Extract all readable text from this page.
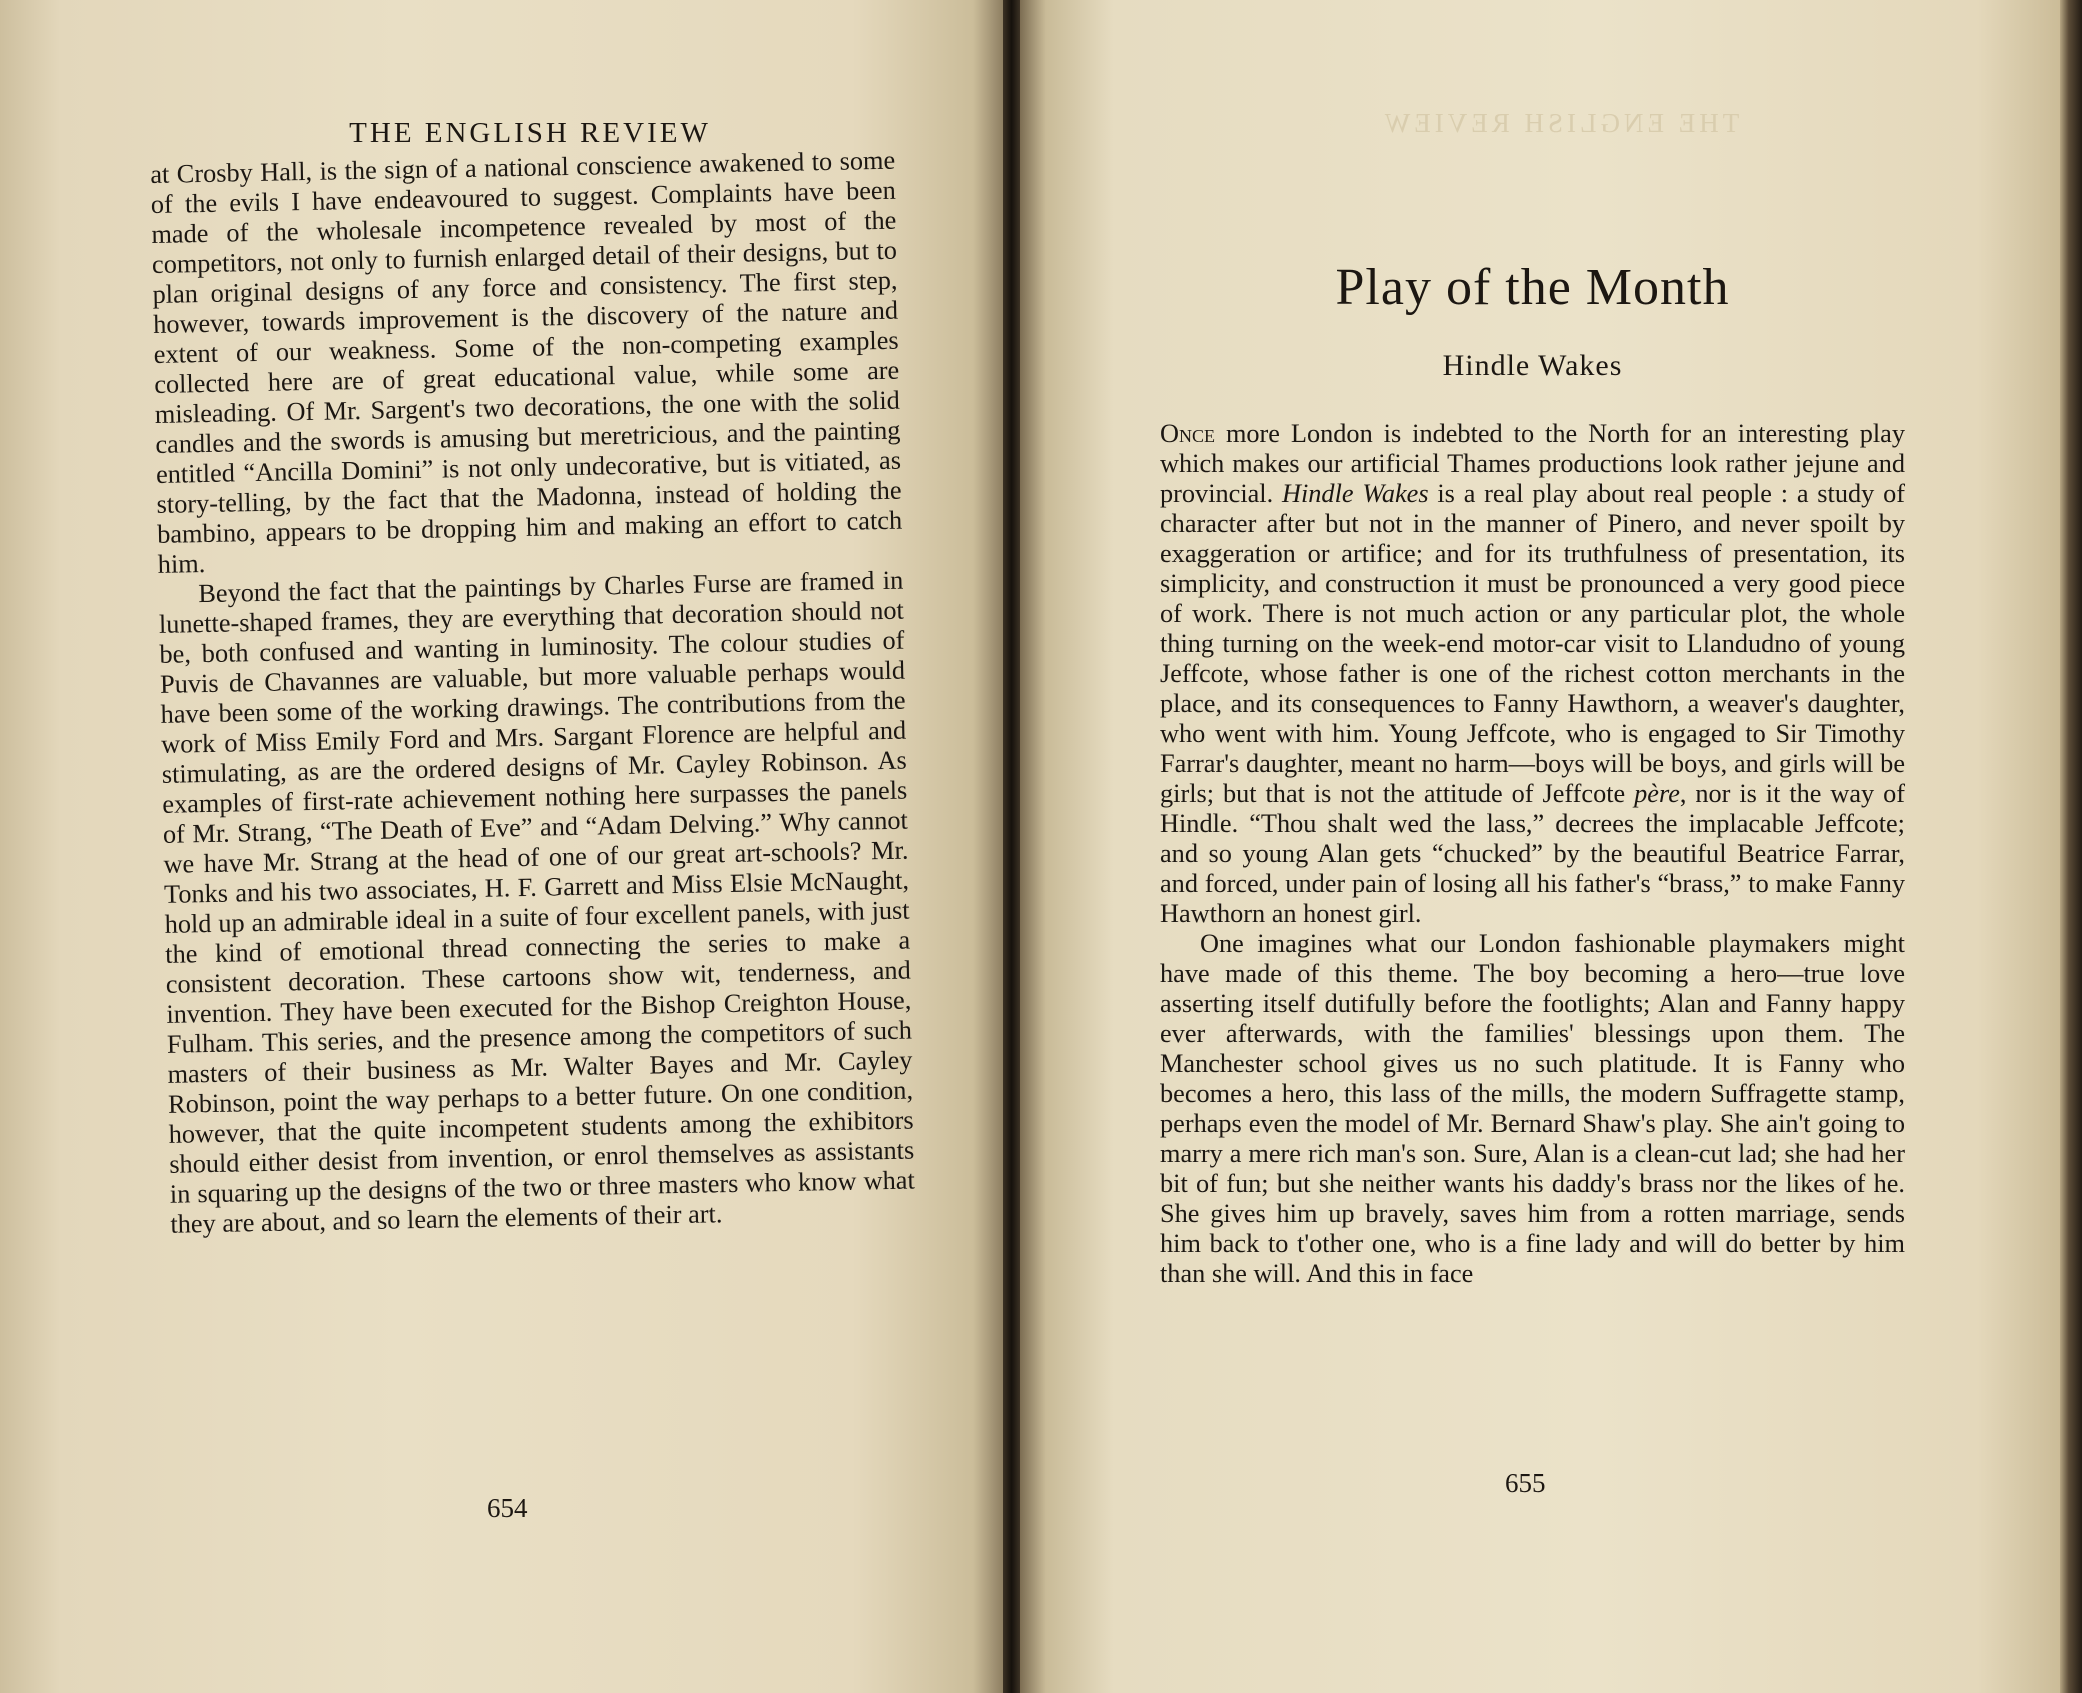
THE ENGLISH REVIEW

at Crosby Hall, is the sign of a national conscience awakened to some of the evils I have endeavoured to suggest. Complaints have been made of the wholesale incompetence revealed by most of the competitors, not only to furnish enlarged detail of their designs, but to plan original designs of any force and consistency. The first step, however, towards improvement is the discovery of the nature and extent of our weakness. Some of the non-competing examples collected here are of great educational value, while some are misleading. Of Mr. Sargent's two decorations, the one with the solid candles and the swords is amusing but meretricious, and the painting entitled “Ancilla Domini” is not only undecorative, but is vitiated, as story-telling, by the fact that the Madonna, instead of holding the bambino, appears to be dropping him and making an effort to catch him.

Beyond the fact that the paintings by Charles Furse are framed in lunette-shaped frames, they are everything that decoration should not be, both confused and wanting in luminosity. The colour studies of Puvis de Chavannes are valuable, but more valuable perhaps would have been some of the working drawings. The contributions from the work of Miss Emily Ford and Mrs. Sargant Florence are helpful and stimulating, as are the ordered designs of Mr. Cayley Robinson. As examples of first-rate achievement nothing here surpasses the panels of Mr. Strang, “The Death of Eve” and “Adam Delving.” Why cannot we have Mr. Strang at the head of one of our great art-schools? Mr. Tonks and his two associates, H. F. Garrett and Miss Elsie McNaught, hold up an admirable ideal in a suite of four excellent panels, with just the kind of emotional thread connecting the series to make a consistent decoration. These cartoons show wit, tenderness, and invention. They have been executed for the Bishop Creighton House, Fulham. This series, and the presence among the competitors of such masters of their business as Mr. Walter Bayes and Mr. Cayley Robinson, point the way perhaps to a better future. On one condition, however, that the quite incompetent students among the exhibitors should either desist from invention, or enrol themselves as assistants in squaring up the designs of the two or three masters who know what they are about, and so learn the elements of their art.

654
THE ENGLISH REVIEW
Play of the Month
Hindle Wakes

Once more London is indebted to the North for an interesting play which makes our artificial Thames productions look rather jejune and provincial. Hindle Wakes is a real play about real people : a study of character after but not in the manner of Pinero, and never spoilt by exaggeration or artifice; and for its truthfulness of presentation, its simplicity, and construction it must be pronounced a very good piece of work. There is not much action or any particular plot, the whole thing turning on the week-end motor-car visit to Llandudno of young Jeffcote, whose father is one of the richest cotton merchants in the place, and its consequences to Fanny Hawthorn, a weaver's daughter, who went with him. Young Jeffcote, who is engaged to Sir Timothy Farrar's daughter, meant no harm—boys will be boys, and girls will be girls; but that is not the attitude of Jeffcote père, nor is it the way of Hindle. “Thou shalt wed the lass,” decrees the implacable Jeffcote; and so young Alan gets “chucked” by the beautiful Beatrice Farrar, and forced, under pain of losing all his father's “brass,” to make Fanny Hawthorn an honest girl.

One imagines what our London fashionable playmakers might have made of this theme. The boy becoming a hero—true love asserting itself dutifully before the footlights; Alan and Fanny happy ever afterwards, with the families' blessings upon them. The Manchester school gives us no such platitude. It is Fanny who becomes a hero, this lass of the mills, the modern Suffragette stamp, perhaps even the model of Mr. Bernard Shaw's play. She ain't going to marry a mere rich man's son. Sure, Alan is a clean-cut lad; she had her bit of fun; but she neither wants his daddy's brass nor the likes of he. She gives him up bravely, saves him from a rotten marriage, sends him back to t'other one, who is a fine lady and will do better by him than she will. And this in face

655
